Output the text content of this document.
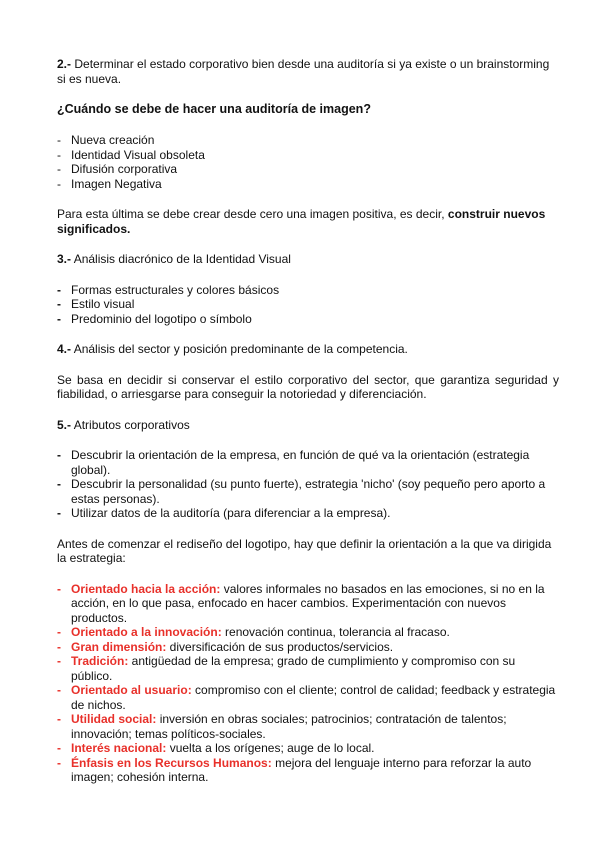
2.- Determinar el estado corporativo bien desde una auditoría si ya existe o un brainstorming si es nueva.

¿Cuándo se debe de hacer una auditoría de imagen?
- Nueva creación
- Identidad Visual obsoleta
- Difusión corporativa
- Imagen Negativa

Para esta última se debe crear desde cero una imagen positiva, es decir, construir nuevos significados.

3.- Análisis diacrónico de la Identidad Visual

- Formas estructurales y colores básicos
- Estilo visual
- Predominio del logotipo o símbolo

4.- Análisis del sector y posición predominante de la competencia.

Se basa en decidir si conservar el estilo corporativo del sector, que garantiza seguridad y fiabilidad, o arriesgarse para conseguir la notoriedad y diferenciación.

5.- Atributos corporativos

- Descubrir la orientación de la empresa, en función de qué va la orientación (estrategia global).
- Descubrir la personalidad (su punto fuerte), estrategia 'nicho' (soy pequeño pero aporto a estas personas).
- Utilizar datos de la auditoría (para diferenciar a la empresa).

Antes de comenzar el rediseño del logotipo, hay que definir la orientación a la que va dirigida la estrategia:

- Orientado hacia la acción: valores informales no basados en las emociones, si no en la acción, en lo que pasa, enfocado en hacer cambios. Experimentación con nuevos productos.
- Orientado a la innovación: renovación continua, tolerancia al fracaso.
- Gran dimensión: diversificación de sus productos/servicios.
- Tradición: antigüedad de la empresa; grado de cumplimiento y compromiso con su público.
- Orientado al usuario: compromiso con el cliente; control de calidad; feedback y estrategia de nichos.
- Utilidad social: inversión en obras sociales; patrocinios; contratación de talentos; innovación; temas políticos-sociales.
- Interés nacional: vuelta a los orígenes; auge de lo local.
- Énfasis en los Recursos Humanos: mejora del lenguaje interno para reforzar la auto imagen; cohesión interna.
